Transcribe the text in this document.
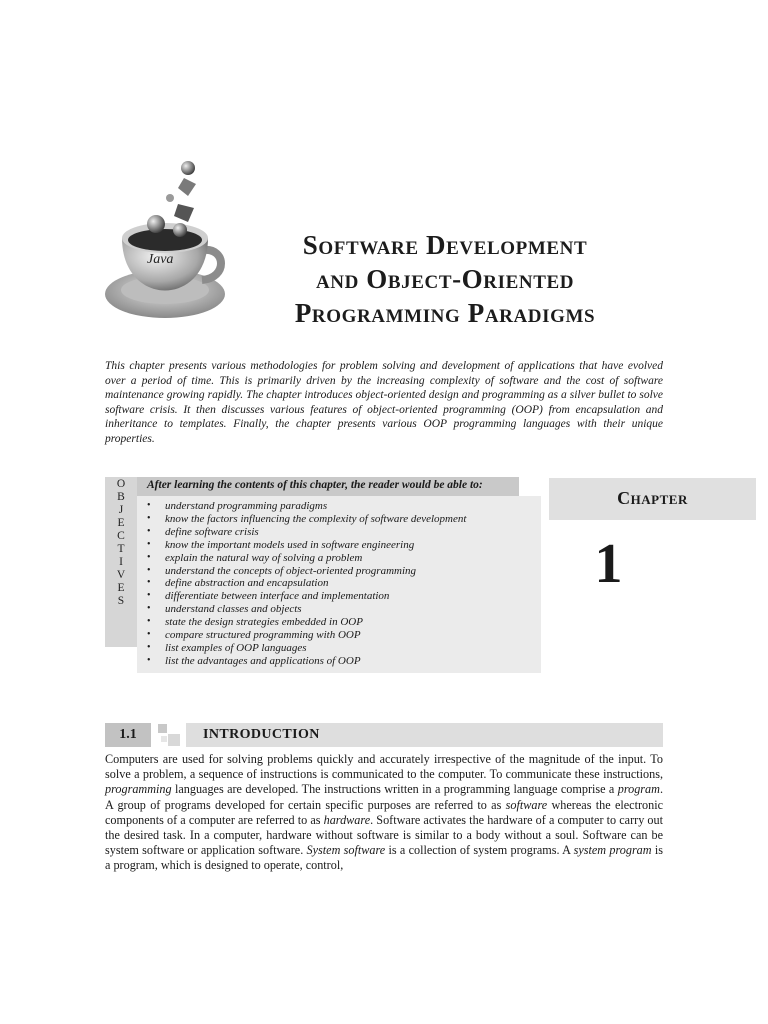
Java	Software Development
and Object-Oriented
Programming Paradigms

This chapter presents various methodologies for problem solving and development of applications that have evolved over a period of time. This is primarily driven by the increasing complexity of software and the cost of software maintenance growing rapidly. The chapter introduces object-oriented design and programming as a silver bullet to solve software crisis. It then discusses various features of object-oriented programming (OOP) from encapsulation and inheritance to templates. Finally, the chapter presents various OOP programming languages with their unique properties.

O
B
J
E
C
T
I
V
E
S
After learning the contents of this chapter, the reader would be able to:
• understand programming paradigms
• know the factors influencing the complexity of software development
• define software crisis
• know the important models used in software engineering
• explain the natural way of solving a problem
• understand the concepts of object-oriented programming
• define abstraction and encapsulation
• differentiate between interface and implementation
• understand classes and objects
• state the design strategies embedded in OOP
• compare structured programming with OOP
• list examples of OOP languages
• list the advantages and applications of OOP
Chapter
1
1.1	INTRODUCTION

Computers are used for solving problems quickly and accurately irrespective of the magnitude of the input. To solve a problem, a sequence of instructions is communicated to the computer. To communicate these instructions, programming languages are developed. The instructions written in a programming language comprise a program. A group of programs developed for certain specific purposes are referred to as software whereas the electronic components of a computer are referred to as hardware. Software activates the hardware of a computer to carry out the desired task. In a computer, hardware without software is similar to a body without a soul. Software can be system software or application software. System software is a collection of system programs. A system program is a program, which is designed to operate, control,
